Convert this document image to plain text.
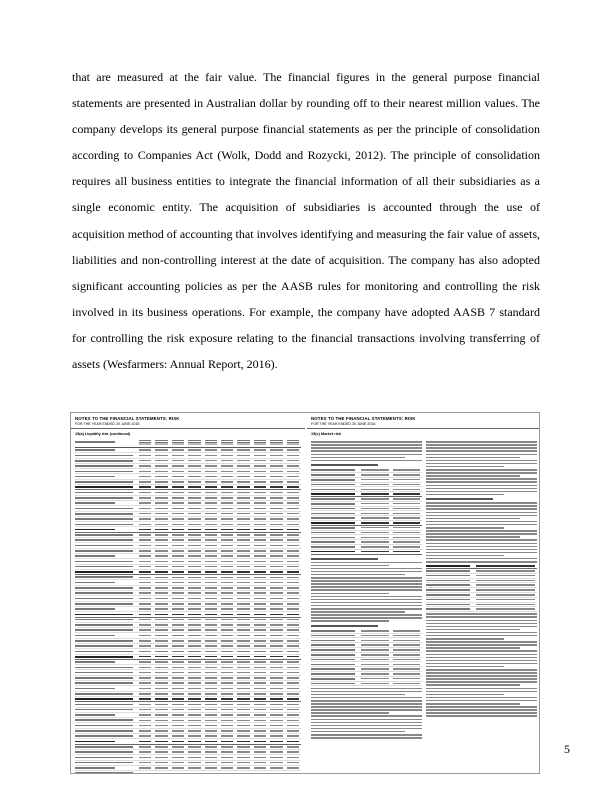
that are measured at the fair value. The financial figures in the general purpose financial statements are presented in Australian dollar by rounding off to their nearest million values. The company develops its general purpose financial statements as per the principle of consolidation according to Companies Act (Wolk, Dodd and Rozycki, 2012). The principle of consolidation requires all business entities to integrate the financial information of all their subsidiaries as a single economic entity. The acquisition of subsidiaries is accounted through the use of acquisition method of accounting that involves identifying and measuring the fair value of assets, liabilities and non-controlling interest at the date of acquisition. The company has also adopted significant accounting policies as per the AASB rules for monitoring and controlling the risk involved in its business operations. For example, the company have adopted AASB 7 standard for controlling the risk exposure relating to the financial transactions involving transferring of assets (Wesfarmers: Annual Report, 2016).

NOTES TO THE FINANCIAL STATEMENTS: RISK
FOR THE YEAR ENDED 30 JUNE 2016
15(a) Liquidity risk (continued)
NOTES TO THE FINANCIAL STATEMENTS: RISK
FOR THE YEAR ENDED 30 JUNE 2016
15(c) Market risk
5
